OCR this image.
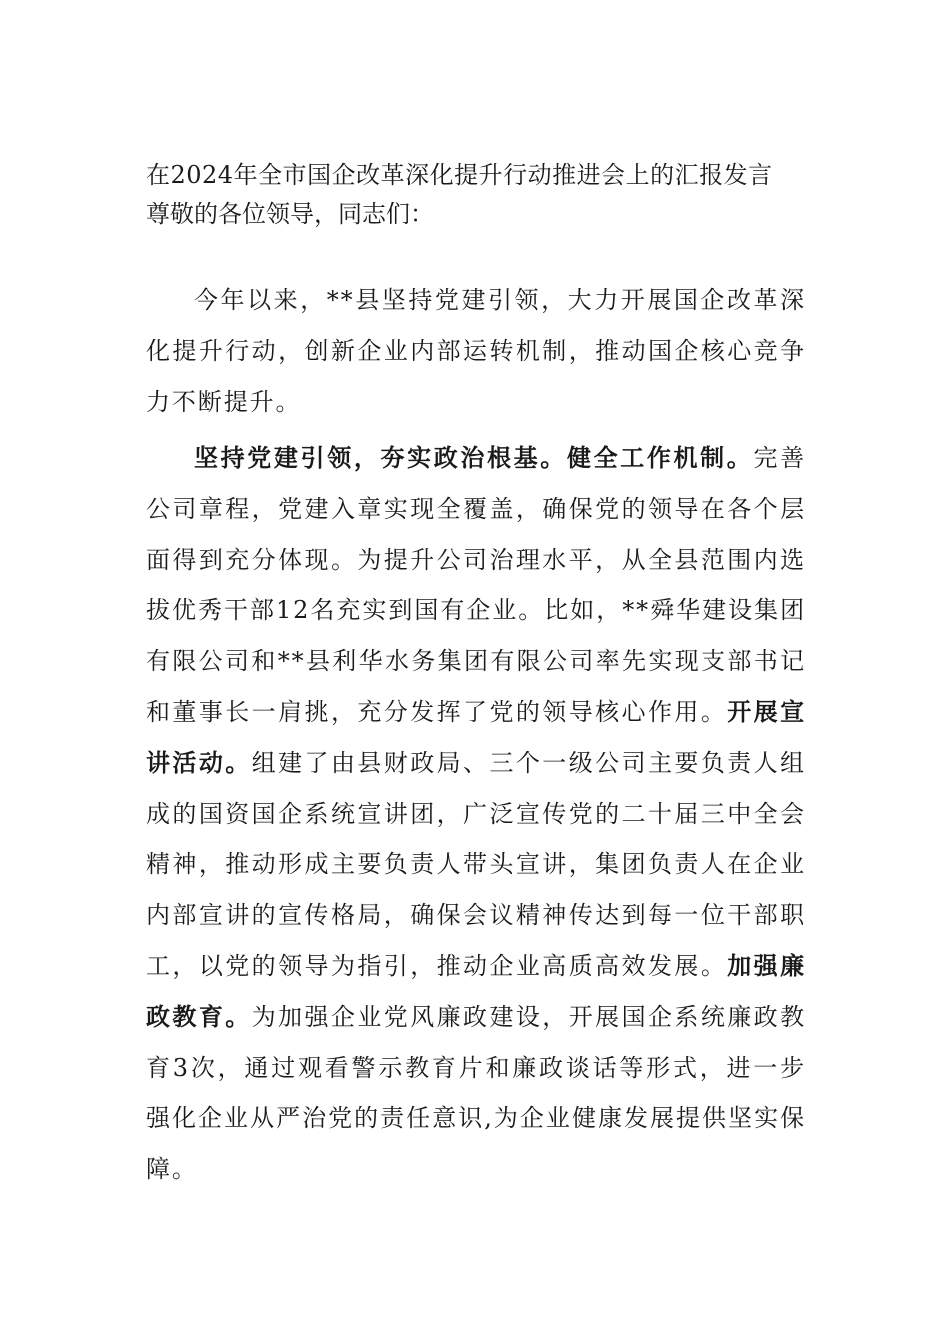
在2024年全市国企改革深化提升行动推进会上的汇报发言

尊敬的各位领导，同志们：

今年以来，**县坚持党建引领，大力开展国企改革深化提升行动，创新企业内部运转机制，推动国企核心竞争力不断提升。

坚持党建引领，夯实政治根基。健全工作机制。完善公司章程，党建入章实现全覆盖，确保党的领导在各个层面得到充分体现。为提升公司治理水平，从全县范围内选拔优秀干部12名充实到国有企业。比如，**舜华建设集团有限公司和**县利华水务集团有限公司率先实现支部书记和董事长一肩挑，充分发挥了党的领导核心作用。开展宣讲活动。组建了由县财政局、三个一级公司主要负责人组成的国资国企系统宣讲团，广泛宣传党的二十届三中全会精神，推动形成主要负责人带头宣讲，集团负责人在企业内部宣讲的宣传格局，确保会议精神传达到每一位干部职工，以党的领导为指引，推动企业高质高效发展。加强廉政教育。为加强企业党风廉政建设，开展国企系统廉政教育3次，通过观看警示教育片和廉政谈话等形式，进一步强化企业从严治党的责任意识,为企业健康发展提供坚实保障。
